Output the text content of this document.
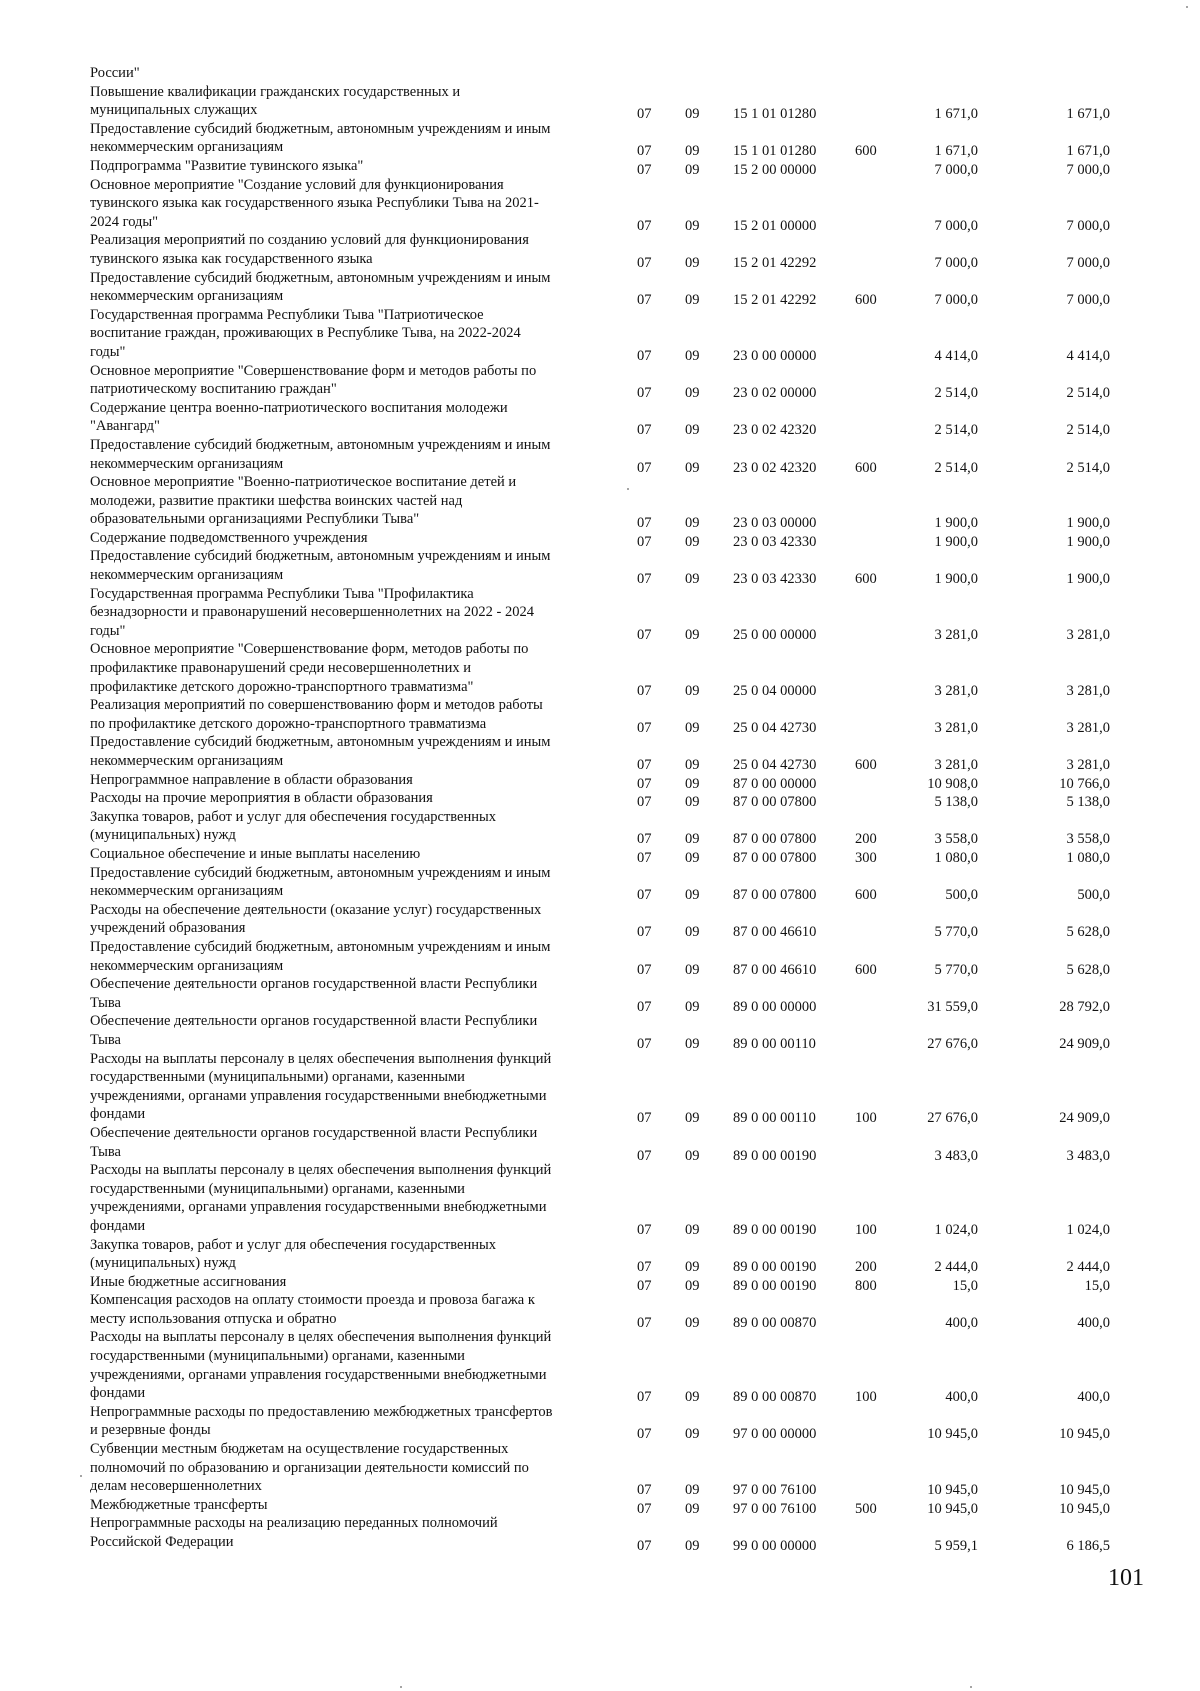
России"
Повышение квалификации гражданских государственных и
муниципальных служащих	07 09 15 1 01 01280	1 671,0	1 671,0
Предоставление субсидий бюджетным, автономным учреждениям и иным
некоммерческим организациям	07 09 15 1 01 01280	600	1 671,0	1 671,0
Подпрограмма "Развитие тувинского языка"	07 09 15 2 00 00000	7 000,0	7 000,0
Основное мероприятие "Создание условий для функционирования
тувинского языка как государственного языка Республики Тыва на 2021-
2024 годы"	07 09 15 2 01 00000	7 000,0	7 000,0
Реализация мероприятий по созданию условий для функционирования
тувинского языка как государственного языка	07 09 15 2 01 42292	7 000,0	7 000,0
Предоставление субсидий бюджетным, автономным учреждениям и иным
некоммерческим организациям	07 09 15 2 01 42292	600	7 000,0	7 000,0
Государственная программа Республики Тыва "Патриотическое
воспитание граждан, проживающих в Республике Тыва, на 2022-2024
годы"	07 09 23 0 00 00000	4 414,0	4 414,0
Основное мероприятие "Совершенствование форм и методов работы по
патриотическому воспитанию граждан"	07 09 23 0 02 00000	2 514,0	2 514,0
Содержание центра военно-патриотического воспитания молодежи
"Авангард"	07 09 23 0 02 42320	2 514,0	2 514,0
Предоставление субсидий бюджетным, автономным учреждениям и иным
некоммерческим организациям	07 09 23 0 02 42320	600	2 514,0	2 514,0
Основное мероприятие "Военно-патриотическое воспитание детей и
молодежи, развитие практики шефства воинских частей над
образовательными организациями Республики Тыва"	07 09 23 0 03 00000	1 900,0	1 900,0
Содержание подведомственного учреждения	07 09 23 0 03 42330	1 900,0	1 900,0
Предоставление субсидий бюджетным, автономным учреждениям и иным
некоммерческим организациям	07 09 23 0 03 42330	600	1 900,0	1 900,0
Государственная программа Республики Тыва "Профилактика
безнадзорности и правонарушений несовершеннолетних на 2022 - 2024
годы"	07 09 25 0 00 00000	3 281,0	3 281,0
Основное мероприятие "Совершенствование форм, методов работы по
профилактике правонарушений среди несовершеннолетних и
профилактике детского дорожно-транспортного травматизма"	07 09 25 0 04 00000	3 281,0	3 281,0
Реализация мероприятий по совершенствованию форм и методов работы
по профилактике детского дорожно-транспортного травматизма	07 09 25 0 04 42730	3 281,0	3 281,0
Предоставление субсидий бюджетным, автономным учреждениям и иным
некоммерческим организациям	07 09 25 0 04 42730	600	3 281,0	3 281,0
Непрограммное направление в области образования	07 09 87 0 00 00000	10 908,0	10 766,0
Расходы на прочие мероприятия в области образования	07 09 87 0 00 07800	5 138,0	5 138,0
Закупка товаров, работ и услуг для обеспечения государственных
(муниципальных) нужд	07 09 87 0 00 07800	200	3 558,0	3 558,0
Социальное обеспечение и иные выплаты населению	07 09 87 0 00 07800	300	1 080,0	1 080,0
Предоставление субсидий бюджетным, автономным учреждениям и иным
некоммерческим организациям	07 09 87 0 00 07800	600	500,0	500,0
Расходы на обеспечение деятельности (оказание услуг) государственных
учреждений образования	07 09 87 0 00 46610	5 770,0	5 628,0
Предоставление субсидий бюджетным, автономным учреждениям и иным
некоммерческим организациям	07 09 87 0 00 46610	600	5 770,0	5 628,0
Обеспечение деятельности органов государственной власти Республики
Тыва	07 09 89 0 00 00000	31 559,0	28 792,0
Обеспечение деятельности органов государственной власти Республики
Тыва	07 09 89 0 00 00110	27 676,0	24 909,0
Расходы на выплаты персоналу в целях обеспечения выполнения функций
государственными (муниципальными) органами, казенными
учреждениями, органами управления государственными внебюджетными
фондами	07 09 89 0 00 00110	100	27 676,0	24 909,0
Обеспечение деятельности органов государственной власти Республики
Тыва	07 09 89 0 00 00190	3 483,0	3 483,0
Расходы на выплаты персоналу в целях обеспечения выполнения функций
государственными (муниципальными) органами, казенными
учреждениями, органами управления государственными внебюджетными
фондами	07 09 89 0 00 00190	100	1 024,0	1 024,0
Закупка товаров, работ и услуг для обеспечения государственных
(муниципальных) нужд	07 09 89 0 00 00190	200	2 444,0	2 444,0
Иные бюджетные ассигнования	07 09 89 0 00 00190	800	15,0	15,0
Компенсация расходов на оплату стоимости проезда и провоза багажа к
месту использования отпуска и обратно	07 09 89 0 00 00870	400,0	400,0
Расходы на выплаты персоналу в целях обеспечения выполнения функций
государственными (муниципальными) органами, казенными
учреждениями, органами управления государственными внебюджетными
фондами	07 09 89 0 00 00870	100	400,0	400,0
Непрограммные расходы по предоставлению межбюджетных трансфертов
и резервные фонды	07 09 97 0 00 00000	10 945,0	10 945,0
Субвенции местным бюджетам на осуществление государственных
полномочий по образованию и организации деятельности комиссий по
делам несовершеннолетних	07 09 97 0 00 76100	10 945,0	10 945,0
Межбюджетные трансферты	07 09 97 0 00 76100	500	10 945,0	10 945,0
Непрограммные расходы на реализацию переданных полномочий
Российской Федерации	07 09 99 0 00 00000	5 959,1	6 186,5
101
